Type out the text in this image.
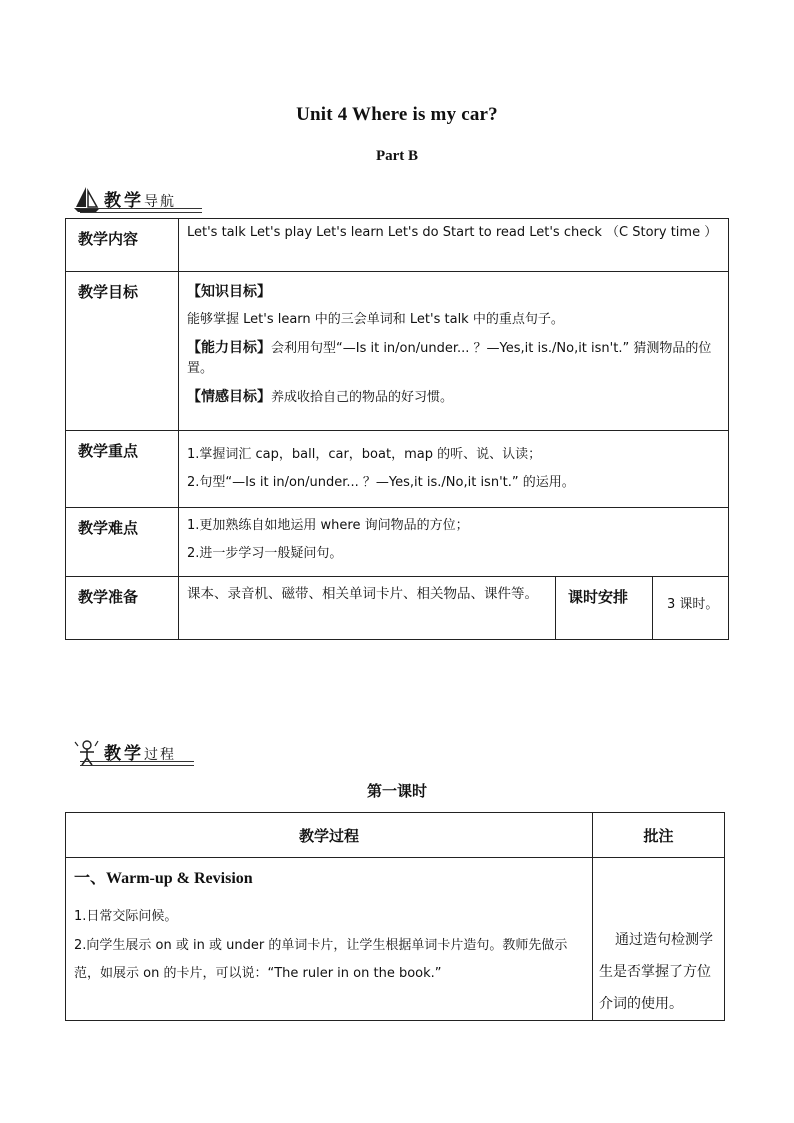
Unit 4 Where is my car?
Part B
教学导航
教学内容	Let's talk Let's play Let's learn Let's do Start to read Let's check （C Story time ）		
教学目标	【知识目标】
能够掌握 Let's learn 中的三会单词和 Let's talk 中的重点句子。
【能力目标】会利用句型“—Is it in/on/under... ？—Yes,it is./No,it isn't.” 猜测物品的位置。
【情感目标】养成收拾自己的物品的好习惯。		

教学重点	1.掌握词汇 cap，ball，car，boat，map 的听、说、认读；
2.句型“—Is it in/on/under... ？—Yes,it is./No,it isn't.” 的运用。		

教学难点	1.更加熟练自如地运用 where 询问物品的方位；
2.进一步学习一般疑问句。		

教学准备	课本、录音机、磁带、相关单词卡片、相关物品、课件等。	课时安排	3 课时。
教学过程
第一课时
教学过程	批注

一、Warm-up & Revision
1.日常交际问候。
2.向学生展示 on 或 in 或 under 的单词卡片，让学生根据单词卡片造句。教师先做示范，如展示 on 的卡片，可以说：“The ruler in on the book.”	通过造句检测学生是否掌握了方位介词的使用。
